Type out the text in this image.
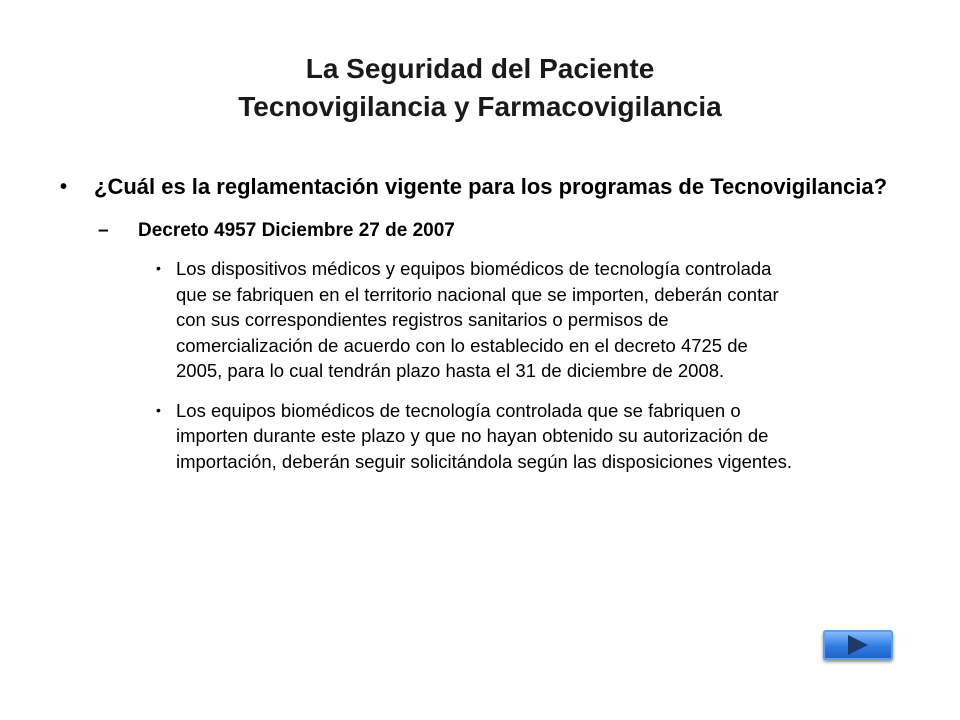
La Seguridad del Paciente
Tecnovigilancia y Farmacovigilancia
• ¿Cuál es la reglamentación vigente para los programas de Tecnovigilancia?
– Decreto 4957 Diciembre 27 de 2007
• Los dispositivos médicos y equipos biomédicos de tecnología controlada que se fabriquen en el territorio nacional que se importen, deberán contar con sus correspondientes registros sanitarios o permisos de comercialización de acuerdo con lo establecido en el decreto 4725 de 2005, para lo cual tendrán plazo hasta el 31 de diciembre de 2008.
• Los equipos biomédicos de tecnología controlada que se fabriquen o importen durante este plazo y que no hayan obtenido su autorización de importación, deberán seguir solicitándola según las disposiciones vigentes.
